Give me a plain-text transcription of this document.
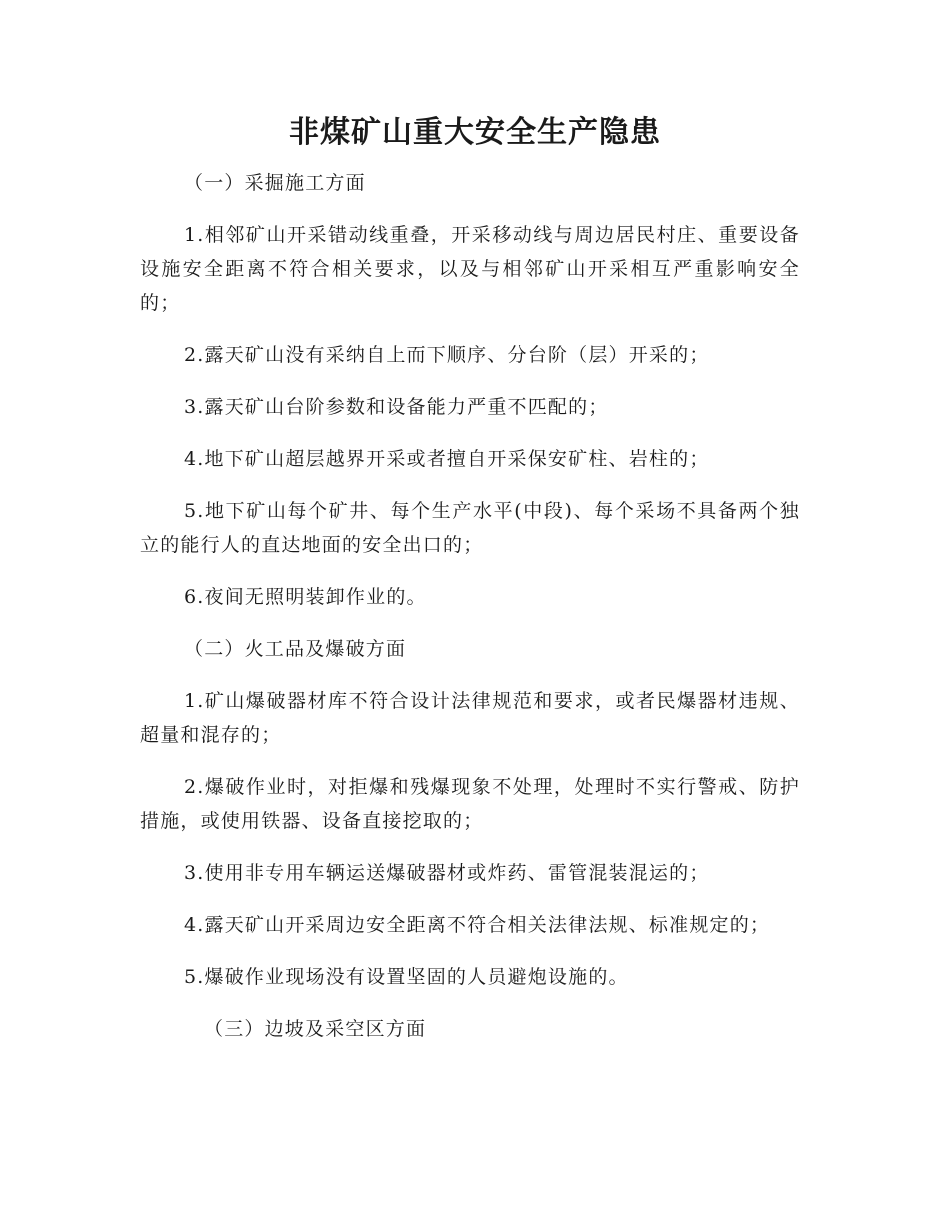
非煤矿山重大安全生产隐患

（一）采掘施工方面

1.相邻矿山开采错动线重叠，开采移动线与周边居民村庄、重要设备设施安全距离不符合相关要求，以及与相邻矿山开采相互严重影响安全的；

2.露天矿山没有采纳自上而下顺序、分台阶（层）开采的；

3.露天矿山台阶参数和设备能力严重不匹配的；

4.地下矿山超层越界开采或者擅自开采保安矿柱、岩柱的；

5.地下矿山每个矿井、每个生产水平(中段)、每个采场不具备两个独立的能行人的直达地面的安全出口的；

6.夜间无照明装卸作业的。

（二）火工品及爆破方面

1.矿山爆破器材库不符合设计法律规范和要求，或者民爆器材违规、超量和混存的；

2.爆破作业时，对拒爆和残爆现象不处理，处理时不实行警戒、防护措施，或使用铁器、设备直接挖取的；

3.使用非专用车辆运送爆破器材或炸药、雷管混装混运的；

4.露天矿山开采周边安全距离不符合相关法律法规、标准规定的；

5.爆破作业现场没有设置坚固的人员避炮设施的。

（三）边坡及采空区方面
